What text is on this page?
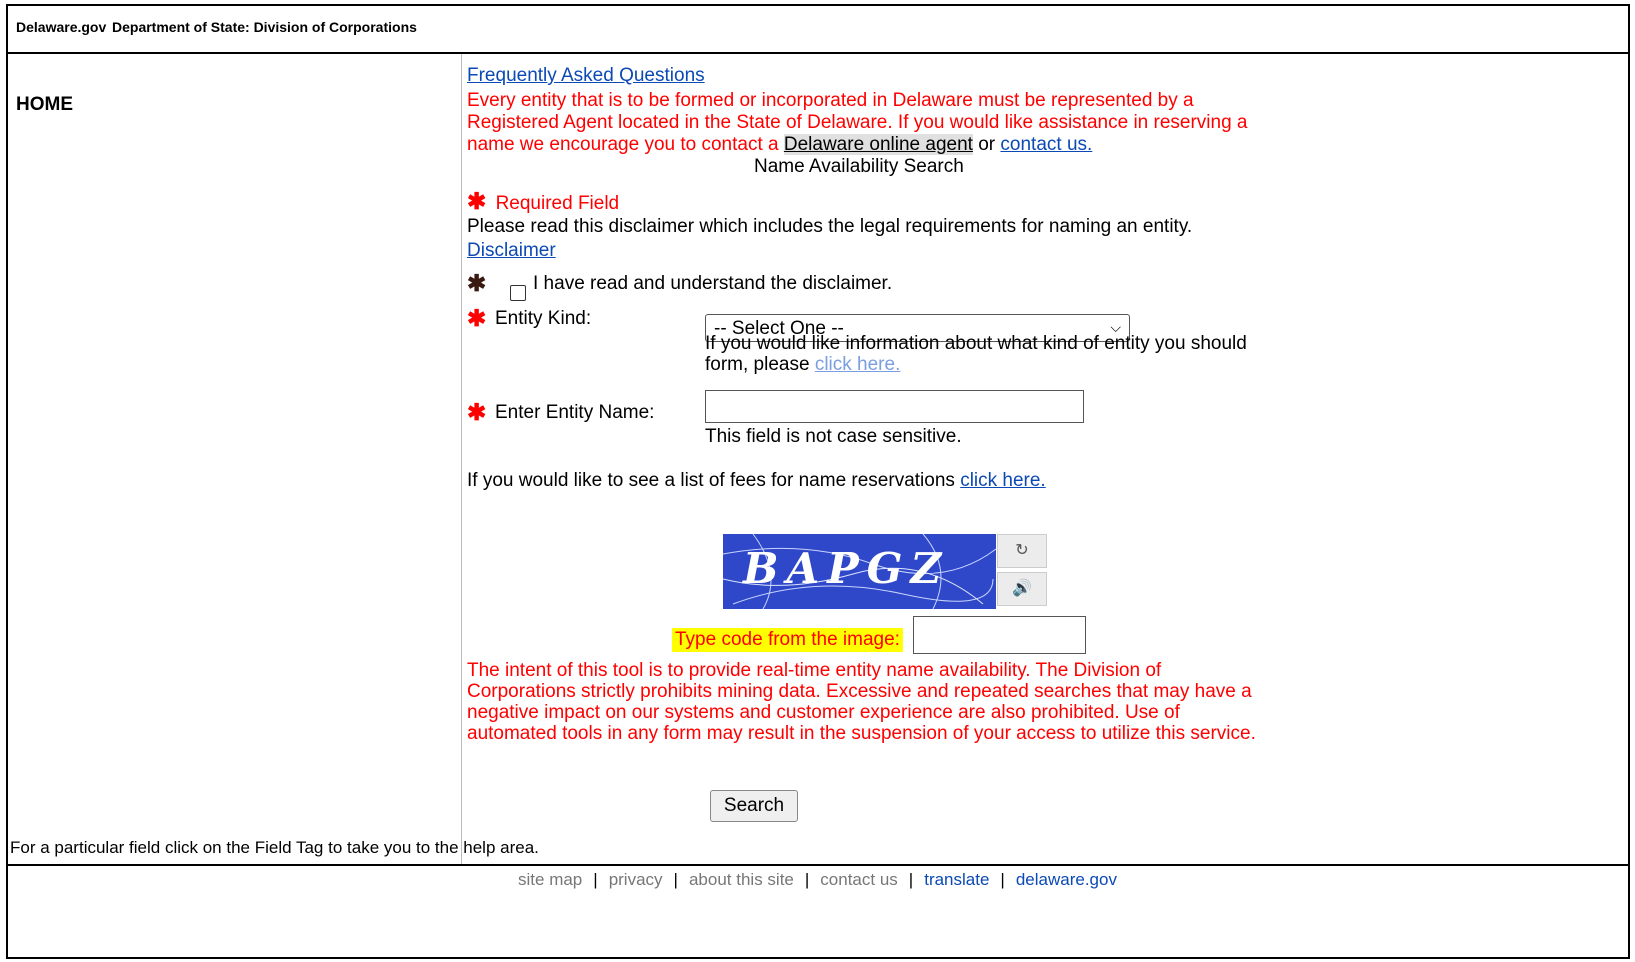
Delaware.gov Department of State: Division of Corporations
HOME
Frequently Asked Questions
Every entity that is to be formed or incorporated in Delaware must be represented by a
Registered Agent located in the State of Delaware. If you would like assistance in reserving a
name we encourage you to contact a Delaware online agent or contact us.
Name Availability Search
✱ Required Field
Please read this disclaimer which includes the legal requirements for naming an entity.
Disclaimer
✱ I have read and understand the disclaimer.
✱ Entity Kind:	-- Select One --	⌵
If you would like information about what kind of entity you should
form, please click here.
✱ Enter Entity Name:
This field is not case sensitive.
If you would like to see a list of fees for name reservations click here.
BAPGZ	↻
🔊
Type code from the image:
The intent of this tool is to provide real-time entity name availability. The Division of
Corporations strictly prohibits mining data. Excessive and repeated searches that may have a
negative impact on our systems and customer experience are also prohibited. Use of
automated tools in any form may result in the suspension of your access to utilize this service.
Search
For a particular field click on the Field Tag to take you to the help area.
site map | privacy | about this site | contact us | translate | delaware.gov
